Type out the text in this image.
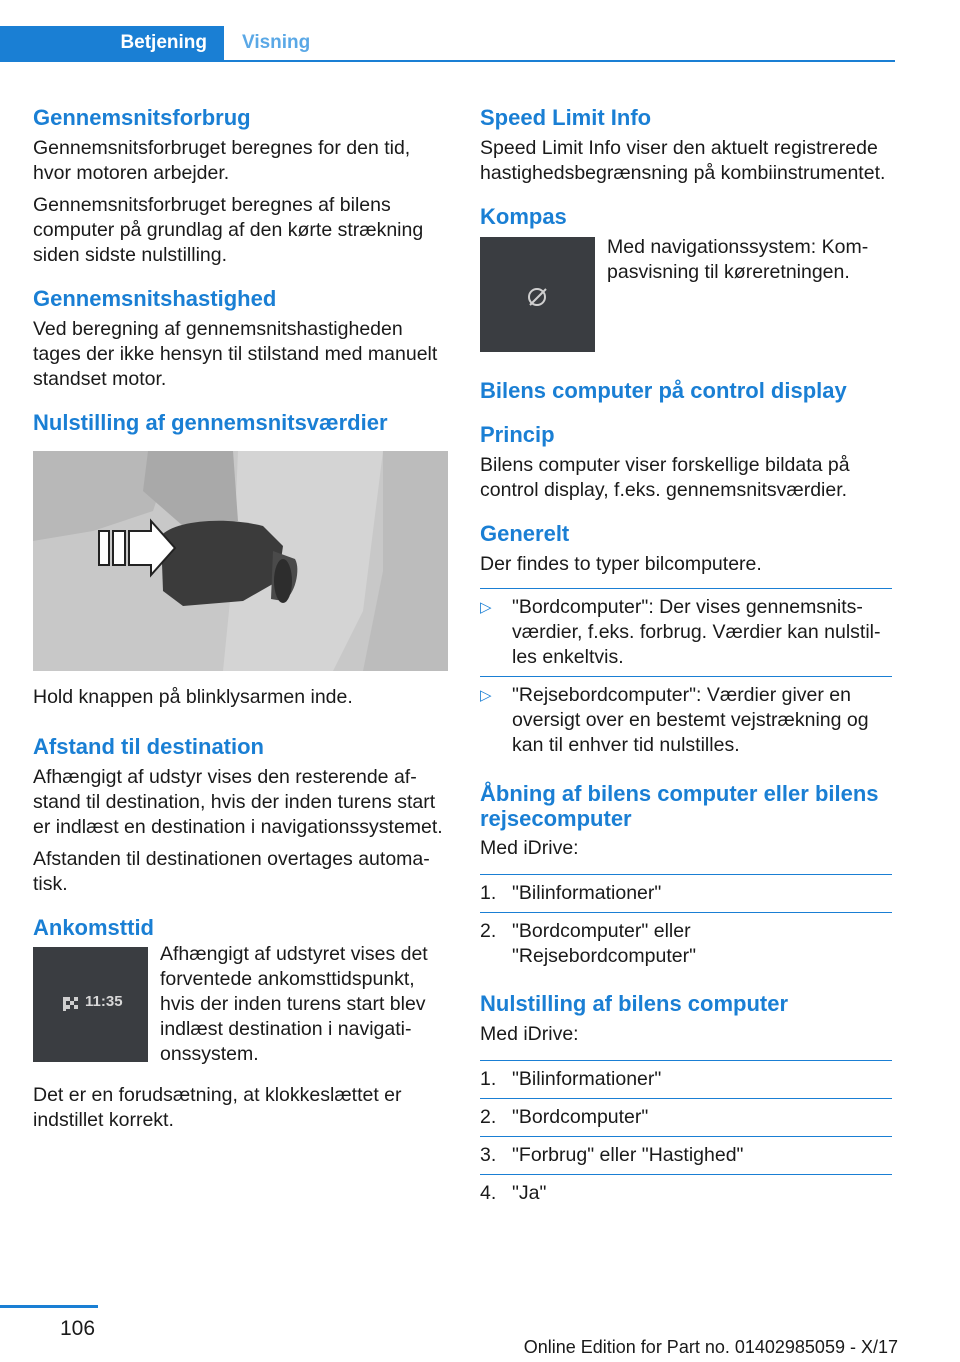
Betjening	Visning
Gennemsnitsforbrug

Gennemsnitsforbruget beregnes for den tid, hvor motoren arbejder.

Gennemsnitsforbruget beregnes af bilens computer på grundlag af den kørte strækning siden sidste nulstilling.

Gennemsnitshastighed

Ved beregning af gennemsnitshastigheden tages der ikke hensyn til stilstand med manuelt standset motor.

Nulstilling af gennemsnitsværdier

Hold knappen på blinklysarmen inde.

Afstand til destination

Afhængigt af udstyr vises den resterende afstand til destination, hvis der inden turens start er indlæst en destination i navigationssystemet.

Afstanden til destinationen overtages automatisk.

Ankomsttid
11:35

Afhængigt af udstyret vises det forventede ankomsttidspunkt, hvis der inden turens start blev indlæst destination i navigationssystem.

Det er en forudsætning, at klokkeslættet er indstillet korrekt.

Speed Limit Info

Speed Limit Info viser den aktuelt registrerede hastighedsbegrænsning på kombiinstrumentet.

Kompas

Med navigationssystem: Kompasvisning til køreretningen.

Bilens computer på control display
Princip

Bilens computer viser forskellige bildata på control display, f.eks. gennemsnitsværdier.

Generelt

Der findes to typer bilcomputere.

▷	"Bordcomputer": Der vises gennemsnitsværdier, f.eks. forbrug. Værdier kan nulstilles enkeltvis.
▷	"Rejsebordcomputer": Værdier giver en oversigt over en bestemt vejstrækning og kan til enhver tid nulstilles.
Åbning af bilens computer eller bilens rejsecomputer

Med iDrive:

1. "Bilinformationer"
2. "Bordcomputer" eller "Rejsebordcomputer"
Nulstilling af bilens computer

Med iDrive:

1. "Bilinformationer"
2. "Bordcomputer"
3. "Forbrug" eller "Hastighed"
4. "Ja"
106
Online Edition for Part no. 01402985059 - X/17
